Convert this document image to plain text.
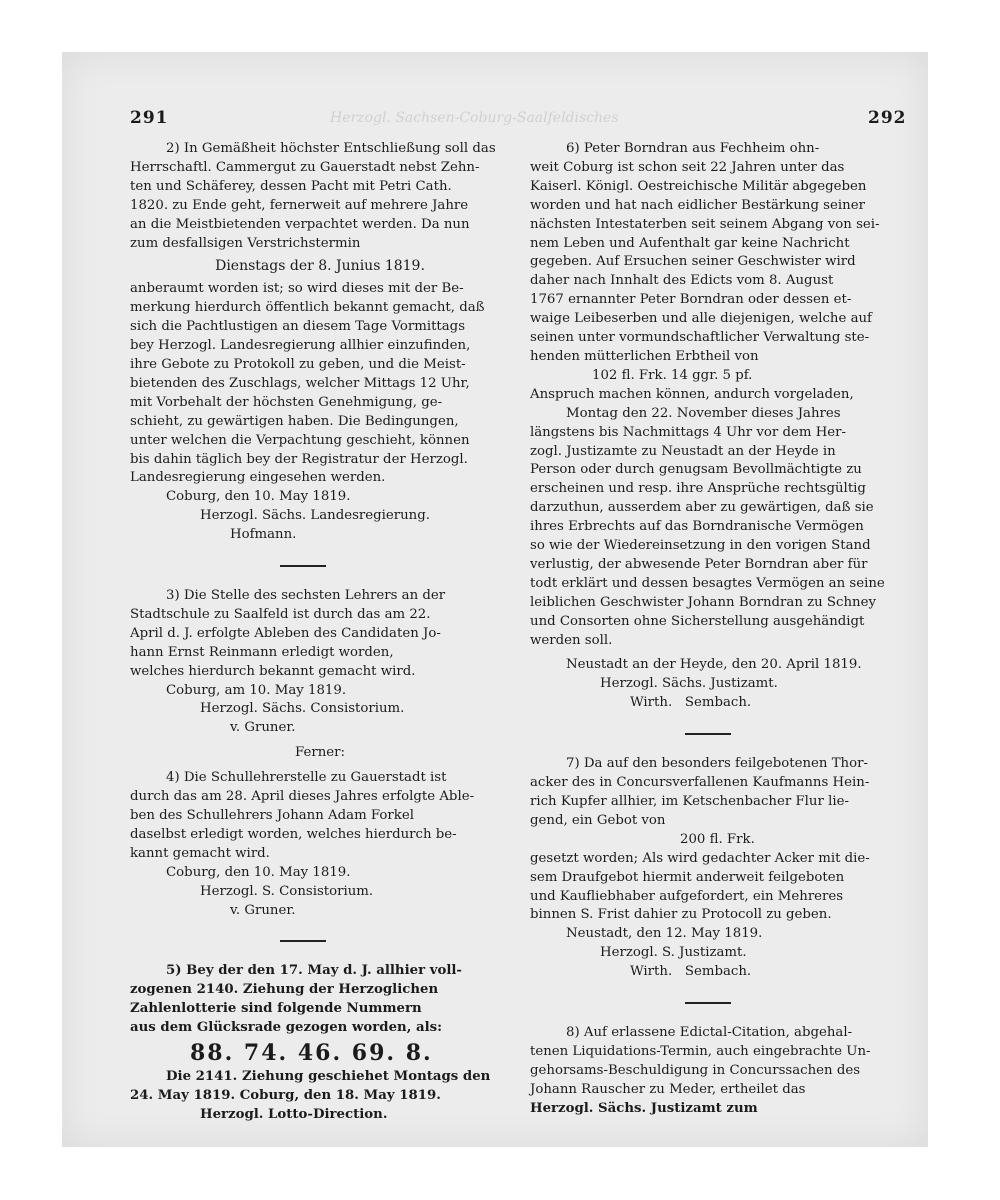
291	292
Herzogl. Sachsen-Coburg-Saalfeldisches

2) In Gemäßheit höchster Entschließung soll das

Herrschaftl. Cammergut zu Gauerstadt nebst Zehn-

ten und Schäferey, dessen Pacht mit Petri Cath.

1820. zu Ende geht, fernerweit auf mehrere Jahre

an die Meistbietenden verpachtet werden. Da nun

zum desfallsigen Verstrichstermin

Dienstags der 8. Junius 1819.

anberaumt worden ist; so wird dieses mit der Be-

merkung hierdurch öffentlich bekannt gemacht, daß

sich die Pachtlustigen an diesem Tage Vormittags

bey Herzogl. Landesregierung allhier einzufinden,

ihre Gebote zu Protokoll zu geben, und die Meist-

bietenden des Zuschlags, welcher Mittags 12 Uhr,

mit Vorbehalt der höchsten Genehmigung, ge-

schieht, zu gewärtigen haben. Die Bedingungen,

unter welchen die Verpachtung geschieht, können

bis dahin täglich bey der Registratur der Herzogl.

Landesregierung eingesehen werden.

Coburg, den 10. May 1819.

Herzogl. Sächs. Landesregierung.

Hofmann.

3) Die Stelle des sechsten Lehrers an der

Stadtschule zu Saalfeld ist durch das am 22.

April d. J. erfolgte Ableben des Candidaten Jo-

hann Ernst Reinmann erledigt worden,

welches hierdurch bekannt gemacht wird.

Coburg, am 10. May 1819.

Herzogl. Sächs. Consistorium.

v. Gruner.

Ferner:

4) Die Schullehrerstelle zu Gauerstadt ist

durch das am 28. April dieses Jahres erfolgte Able-

ben des Schullehrers Johann Adam Forkel

daselbst erledigt worden, welches hierdurch be-

kannt gemacht wird.

Coburg, den 10. May 1819.

Herzogl. S. Consistorium.

v. Gruner.

5) Bey der den 17. May d. J. allhier voll-

zogenen 2140. Ziehung der Herzoglichen

Zahlenlotterie sind folgende Nummern

aus dem Glücksrade gezogen worden, als:

88. 74. 46. 69. 8.

Die 2141. Ziehung geschiehet Montags den

24. May 1819. Coburg, den 18. May 1819.

Herzogl. Lotto-Direction.

6) Peter Borndran aus Fechheim ohn-

weit Coburg ist schon seit 22 Jahren unter das

Kaiserl. Königl. Oestreichische Militär abgegeben

worden und hat nach eidlicher Bestärkung seiner

nächsten Intestaterben seit seinem Abgang von sei-

nem Leben und Aufenthalt gar keine Nachricht

gegeben. Auf Ersuchen seiner Geschwister wird

daher nach Innhalt des Edicts vom 8. August

1767 ernannter Peter Borndran oder dessen et-

waige Leibeserben und alle diejenigen, welche auf

seinen unter vormundschaftlicher Verwaltung ste-

henden mütterlichen Erbtheil von

102 fl. Frk. 14 ggr. 5 pf.

Anspruch machen können, andurch vorgeladen,

Montag den 22. November dieses Jahres

längstens bis Nachmittags 4 Uhr vor dem Her-

zogl. Justizamte zu Neustadt an der Heyde in

Person oder durch genugsam Bevollmächtigte zu

erscheinen und resp. ihre Ansprüche rechtsgültig

darzuthun, ausserdem aber zu gewärtigen, daß sie

ihres Erbrechts auf das Borndranische Vermögen

so wie der Wiedereinsetzung in den vorigen Stand

verlustig, der abwesende Peter Borndran aber für

todt erklärt und dessen besagtes Vermögen an seine

leiblichen Geschwister Johann Borndran zu Schney

und Consorten ohne Sicherstellung ausgehändigt

werden soll.

Neustadt an der Heyde, den 20. April 1819.

Herzogl. Sächs. Justizamt.

Wirth.   Sembach.

7) Da auf den besonders feilgebotenen Thor-

acker des in Concursverfallenen Kaufmanns Hein-

rich Kupfer allhier, im Ketschenbacher Flur lie-

gend, ein Gebot von

200 fl. Frk.

gesetzt worden; Als wird gedachter Acker mit die-

sem Draufgebot hiermit anderweit feilgeboten

und Kaufliebhaber aufgefordert, ein Mehreres

binnen S. Frist dahier zu Protocoll zu geben.

Neustadt, den 12. May 1819.

Herzogl. S. Justizamt.

Wirth.   Sembach.

8) Auf erlassene Edictal-Citation, abgehal-

tenen Liquidations-Termin, auch eingebrachte Un-

gehorsams-Beschuldigung in Concurssachen des

Johann Rauscher zu Meder, ertheilet das

Herzogl. Sächs. Justizamt zum
